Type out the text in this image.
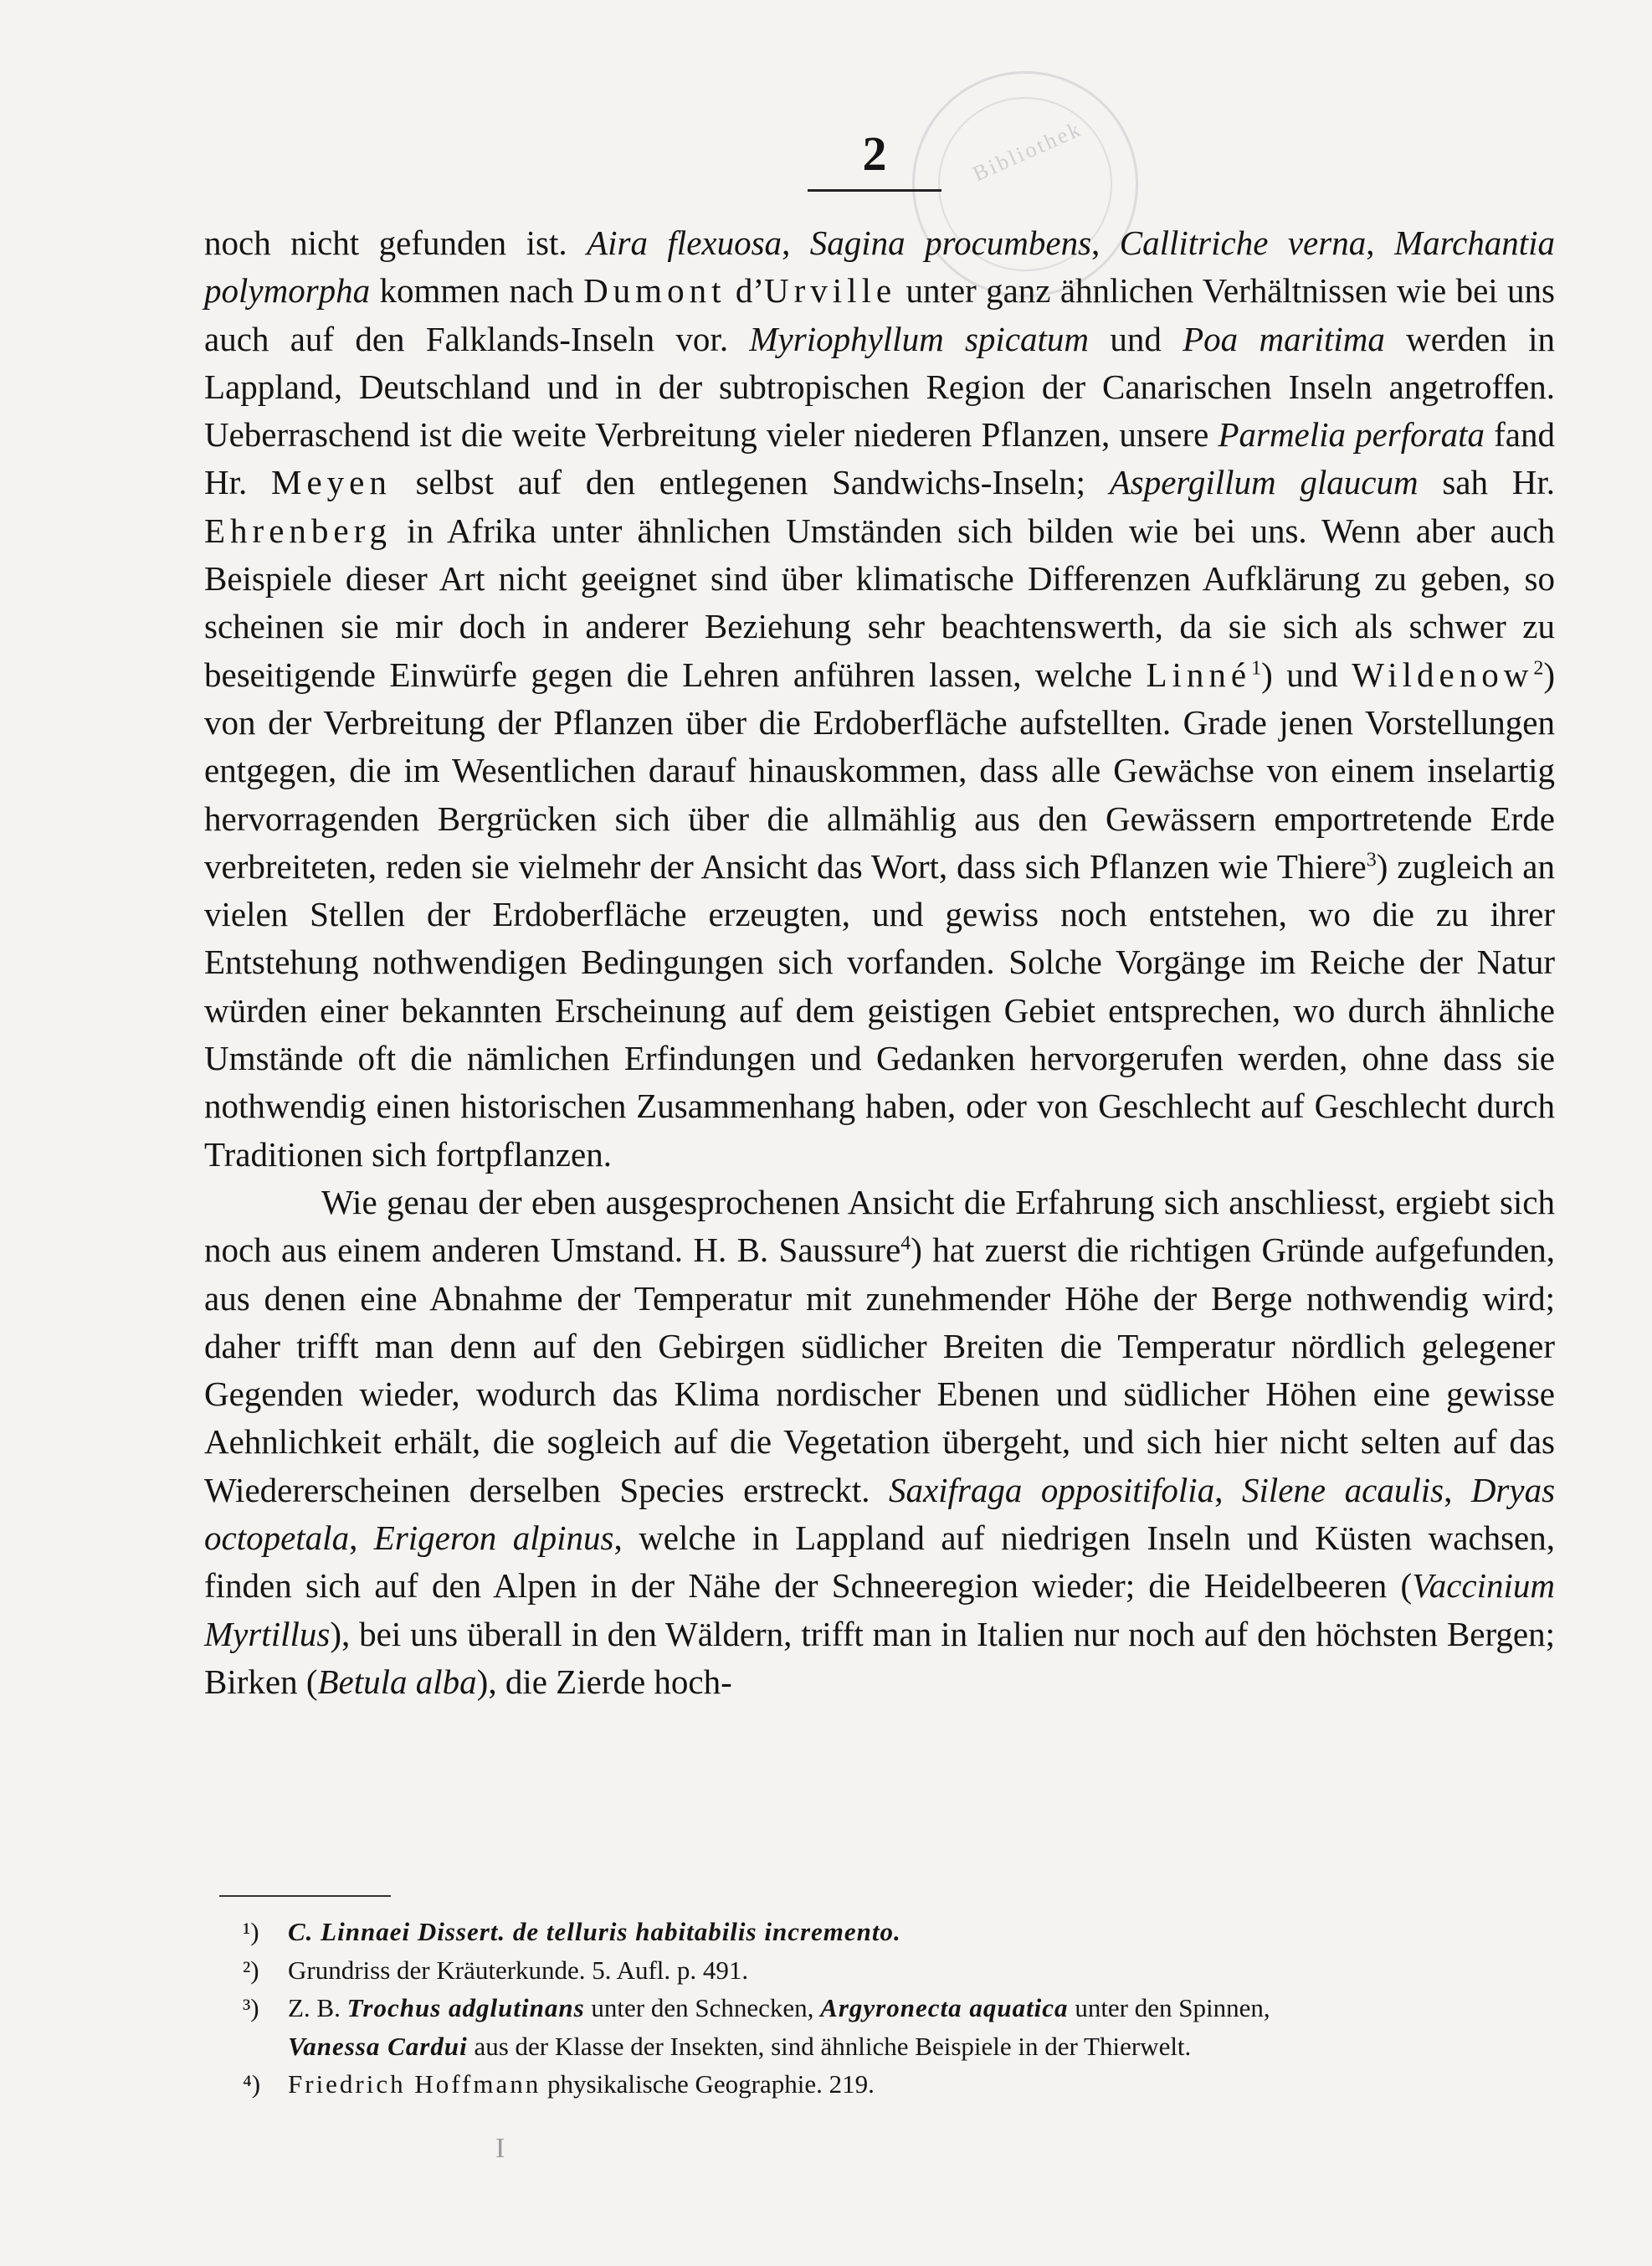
Bibliothek
2

noch nicht gefunden ist. Aira flexuosa, Sagina procumbens, Callitriche verna, Marchantia polymorpha kommen nach Dumont d’Urville unter ganz ähnlichen Verhältnissen wie bei uns auch auf den Falklands-Inseln vor. Myriophyllum spicatum und Poa maritima werden in Lappland, Deutschland und in der subtropischen Region der Canarischen Inseln angetroffen. Ueberraschend ist die weite Verbreitung vieler niederen Pflanzen, unsere Parmelia perforata fand Hr. Meyen selbst auf den entlegenen Sandwichs-Inseln; Aspergillum glaucum sah Hr. Ehrenberg in Afrika unter ähnlichen Umständen sich bilden wie bei uns. Wenn aber auch Beispiele dieser Art nicht geeignet sind über klimatische Differenzen Aufklärung zu geben, so scheinen sie mir doch in anderer Beziehung sehr beachtenswerth, da sie sich als schwer zu beseitigende Einwürfe gegen die Lehren anführen lassen, welche Linné$^1$) und Wildenow$^2$) von der Verbreitung der Pflanzen über die Erdoberfläche aufstellten. Grade jenen Vorstellungen entgegen, die im Wesentlichen darauf hinauskommen, dass alle Gewächse von einem inselartig hervorragenden Bergrücken sich über die allmählig aus den Gewässern emportretende Erde verbreiteten, reden sie vielmehr der Ansicht das Wort, dass sich Pflanzen wie Thiere$^3$) zugleich an vielen Stellen der Erdoberfläche erzeugten, und gewiss noch entstehen, wo die zu ihrer Entstehung nothwendigen Bedingungen sich vorfanden. Solche Vorgänge im Reiche der Natur würden einer bekannten Erscheinung auf dem geistigen Gebiet entsprechen, wo durch ähnliche Umstände oft die nämlichen Erfindungen und Gedanken hervorgerufen werden, ohne dass sie nothwendig einen historischen Zusammenhang haben, oder von Geschlecht auf Geschlecht durch Traditionen sich fortpflanzen.

Wie genau der eben ausgesprochenen Ansicht die Erfahrung sich anschliesst, ergiebt sich noch aus einem anderen Umstand. H. B. Saussure$^4$) hat zuerst die richtigen Gründe aufgefunden, aus denen eine Abnahme der Temperatur mit zunehmender Höhe der Berge nothwendig wird; daher trifft man denn auf den Gebirgen südlicher Breiten die Temperatur nördlich gelegener Gegenden wieder, wodurch das Klima nordischer Ebenen und südlicher Höhen eine gewisse Aehnlichkeit erhält, die sogleich auf die Vegetation übergeht, und sich hier nicht selten auf das Wiedererscheinen derselben Species erstreckt. Saxifraga oppositifolia, Silene acaulis, Dryas octopetala, Erigeron alpinus, welche in Lappland auf niedrigen Inseln und Küsten wachsen, finden sich auf den Alpen in der Nähe der Schneeregion wieder; die Heidelbeeren (Vaccinium Myrtillus), bei uns überall in den Wäldern, trifft man in Italien nur noch auf den höchsten Bergen; Birken (Betula alba), die Zierde hoch-

¹) C. Linnaei Dissert. de telluris habitabilis incremento.

²) Grundriss der Kräuterkunde. 5. Aufl. p. 491.

³) Z. B. Trochus adglutinans unter den Schnecken, Argyronecta aquatica unter den Spinnen,

Vanessa Cardui aus der Klasse der Insekten, sind ähnliche Beispiele in der Thierwelt.

⁴) Friedrich Hoffmann physikalische Geographie. 219.

I
